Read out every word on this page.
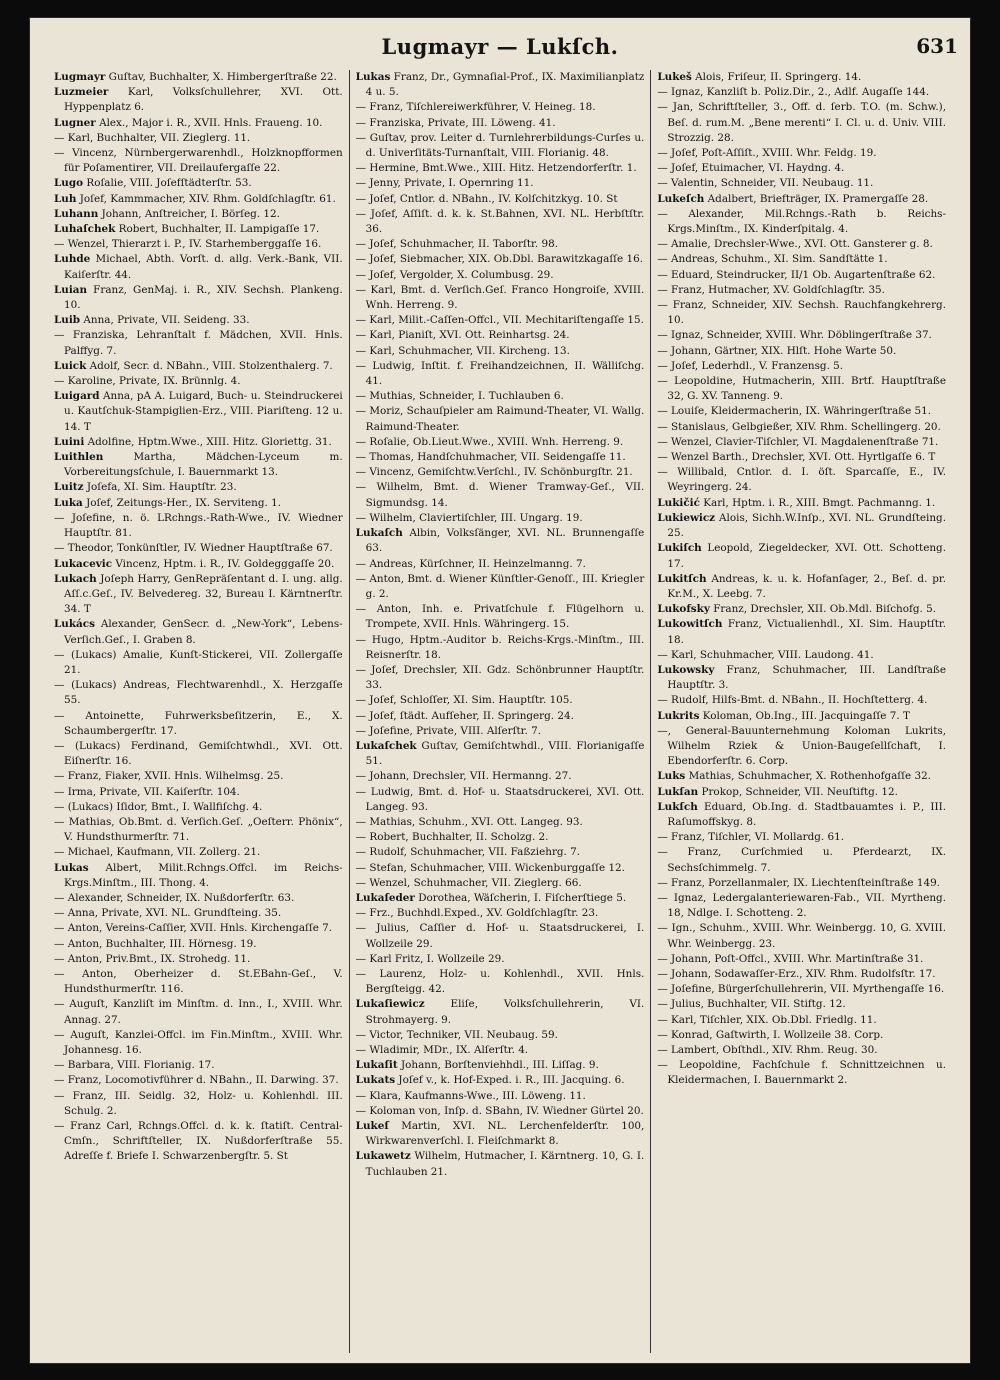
Lugmayr — Lukſch.	631
Lugmayr Guſtav, Buchhalter, X. Himbergerſtraße 22.
Luzmeier Karl, Volksſchullehrer, XVI. Ott. Hyppenplatz 6.
Lugner Alex., Major i. R., XVII. Hnls. Fraueng. 10.
— Karl, Buchhalter, VII. Zieglerg. 11.
— Vincenz, Nürnbergerwarenhdl., Holzknopfformen für Poſamentirer, VII. Dreilaufergaſſe 22.
Lugo Roſalie, VIII. Joſefſtädterſtr. 53.
Luh Joſef, Kammmacher, XIV. Rhm. Goldſchlagſtr. 61.
Luhann Johann, Anſtreicher, I. Börſeg. 12.
Luhaſchek Robert, Buchhalter, II. Lampigaſſe 17.
— Wenzel, Thierarzt i. P., IV. Starhemberggaſſe 16.
Luhde Michael, Abth. Vorſt. d. allg. Verk.-Bank, VII. Kaiſerſtr. 44.
Luian Franz, GenMaj. i. R., XIV. Sechsh. Plankeng. 10.
Luib Anna, Private, VII. Seideng. 33.
— Franziska, Lehranſtalt f. Mädchen, XVII. Hnls. Palffyg. 7.
Luick Adolf, Secr. d. NBahn., VIII. Stolzenthalerg. 7.
— Karoline, Private, IX. Brünnlg. 4.
Luigard Anna, pA A. Luigard, Buch- u. Steindruckerei u. Kautſchuk-Stampiglien-Erz., VIII. Piariſteng. 12 u. 14. T
Luini Adolfine, Hptm.Wwe., XIII. Hitz. Gloriettg. 31.
Luithlen Martha, Mädchen-Lyceum m. Vorbereitungsſchule, I. Bauernmarkt 13.
Luitz Joſefa, XI. Sim. Hauptſtr. 23.
Luka Joſef, Zeitungs-Her., IX. Serviteng. 1.
— Joſefine, n. ö. LRchngs.-Rath-Wwe., IV. Wiedner Hauptſtr. 81.
— Theodor, Tonkünſtler, IV. Wiedner Hauptſtraße 67.
Lukacevic Vincenz, Hptm. i. R., IV. Goldegggaſſe 20.
Lukach Joſeph Harry, GenRepräſentant d. I. ung. allg. Aſſ.c.Geſ., IV. Belvedereg. 32, Bureau I. Kärntnerſtr. 34. T
Lukács Alexander, GenSecr. d. „New-York“, Lebens-Verſich.Geſ., I. Graben 8.
— (Lukacs) Amalie, Kunſt-Stickerei, VII. Zollergaſſe 21.
— (Lukacs) Andreas, Flechtwarenhdl., X. Herzgaſſe 55.
— Antoinette, Fuhrwerksbeſitzerin, E., X. Schaumbergerſtr. 17.
— (Lukacs) Ferdinand, Gemiſchtwhdl., XVI. Ott. Eiſnerſtr. 16.
— Franz, Fiaker, XVII. Hnls. Wilhelmsg. 25.
— Irma, Private, VII. Kaiſerſtr. 104.
— (Lukacs) Iſidor, Bmt., I. Wallfiſchg. 4.
— Mathias, Ob.Bmt. d. Verſich.Geſ. „Oeſterr. Phönix“, V. Hundsthurmerſtr. 71.
— Michael, Kaufmann, VII. Zollerg. 21.
Lukas Albert, Milit.Rchngs.Offcl. im Reichs-Krgs.Minſtm., III. Thong. 4.
— Alexander, Schneider, IX. Nußdorferſtr. 63.
— Anna, Private, XVI. NL. Grundſteing. 35.
— Anton, Vereins-Caſſier, XVII. Hnls. Kirchengaſſe 7.
— Anton, Buchhalter, III. Hörnesg. 19.
— Anton, Priv.Bmt., IX. Strohedg. 11.
— Anton, Oberheizer d. St.EBahn-Geſ., V. Hundsthurmerſtr. 116.
— Auguſt, Kanzliſt im Minſtm. d. Inn., I., XVIII. Whr. Annag. 27.
— Auguſt, Kanzlei-Offcl. im Fin.Minſtm., XVIII. Whr. Johannesg. 16.
— Barbara, VIII. Florianig. 17.
— Franz, Locomotivführer d. NBahn., II. Darwing. 37.
— Franz, III. Seidlg. 32, Holz- u. Kohlenhdl. III. Schulg. 2.
— Franz Carl, Rchngs.Offcl. d. k. k. ſtatiſt. Central-Cmſn., Schriftſteller, IX. Nußdorferſtraße 55. Adreſſe f. Briefe I. Schwarzenbergſtr. 5. St
Lukas Franz, Dr., Gymnaſial-Prof., IX. Maximilianplatz 4 u. 5.
— Franz, Tiſchlereiwerkführer, V. Heineg. 18.
— Franziska, Private, III. Löweng. 41.
— Guſtav, prov. Leiter d. Turnlehrerbildungs-Curſes u. d. Univerſitäts-Turnanſtalt, VIII. Florianig. 48.
— Hermine, Bmt.Wwe., XIII. Hitz. Hetzendorferſtr. 1.
— Jenny, Private, I. Opernring 11.
— Joſef, Cntlor. d. NBahn., IV. Kolſchitzkyg. 10. St
— Joſef, Aſſiſt. d. k. k. St.Bahnen, XVI. NL. Herbſtſtr. 36.
— Joſef, Schuhmacher, II. Taborſtr. 98.
— Joſef, Siebmacher, XIX. Ob.Dbl. Barawitzkagaſſe 16.
— Joſef, Vergolder, X. Columbusg. 29.
— Karl, Bmt. d. Verſich.Geſ. Franco Hongroiſe, XVIII. Wnh. Herreng. 9.
— Karl, Milit.-Caſſen-Offcl., VII. Mechitariſtengaſſe 15.
— Karl, Pianiſt, XVI. Ott. Reinhartsg. 24.
— Karl, Schuhmacher, VII. Kircheng. 13.
— Ludwig, Inſtit. f. Freihandzeichnen, II. Wälliſchg. 41.
— Muthias, Schneider, I. Tuchlauben 6.
— Moriz, Schauſpieler am Raimund-Theater, VI. Wallg. Raimund-Theater.
— Roſalie, Ob.Lieut.Wwe., XVIII. Wnh. Herreng. 9.
— Thomas, Handſchuhmacher, VII. Seidengaſſe 11.
— Vincenz, Gemiſchtw.Verſchl., IV. Schönburgſtr. 21.
— Wilhelm, Bmt. d. Wiener Tramway-Geſ., VII. Sigmundsg. 14.
— Wilhelm, Claviertiſchler, III. Ungarg. 19.
Lukaſch Albin, Volksſänger, XVI. NL. Brunnengaſſe 63.
— Andreas, Kürſchner, II. Heinzelmanng. 7.
— Anton, Bmt. d. Wiener Künſtler-Genoſſ., III. Kriegler g. 2.
— Anton, Inh. e. Privatſchule f. Flügelhorn u. Trompete, XVII. Hnls. Währingerg. 15.
— Hugo, Hptm.-Auditor b. Reichs-Krgs.-Minſtm., III. Reisnerſtr. 18.
— Joſef, Drechsler, XII. Gdz. Schönbrunner Hauptſtr. 33.
— Joſef, Schloſſer, XI. Sim. Hauptſtr. 105.
— Joſef, ſtädt. Aufſeher, II. Springerg. 24.
— Joſefine, Private, VIII. Alſerſtr. 7.
Lukaſchek Guſtav, Gemiſchtwhdl., VIII. Florianigaſſe 51.
— Johann, Drechsler, VII. Hermanng. 27.
— Ludwig, Bmt. d. Hof- u. Staatsdruckerei, XVI. Ott. Langeg. 93.
— Mathias, Schuhm., XVI. Ott. Langeg. 93.
— Robert, Buchhalter, II. Scholzg. 2.
— Rudolf, Schuhmacher, VII. Faßziehrg. 7.
— Stefan, Schuhmacher, VIII. Wickenburggaſſe 12.
— Wenzel, Schuhmacher, VII. Zieglerg. 66.
Lukaſeder Dorothea, Wäſcherin, I. Fiſcherſtiege 5.
— Frz., Buchhdl.Exped., XV. Goldſchlagſtr. 23.
— Julius, Caſſier d. Hof- u. Staatsdruckerei, I. Wollzeile 29.
— Karl Fritz, I. Wollzeile 29.
— Laurenz, Holz- u. Kohlenhdl., XVII. Hnls. Bergſteigg. 42.
Lukaſiewicz Eliſe, Volksſchullehrerin, VI. Strohmayerg. 9.
— Victor, Techniker, VII. Neubaug. 59.
— Wladimir, MDr., IX. Alſerſtr. 4.
Lukaſit Johann, Borſtenviehhdl., III. Liſſag. 9.
Lukats Joſef v., k. Hof-Exped. i. R., III. Jacquing. 6.
— Klara, Kaufmanns-Wwe., III. Löweng. 11.
— Koloman von, Inſp. d. SBahn, IV. Wiedner Gürtel 20.
Lukeſ Martin, XVI. NL. Lerchenfelderſtr. 100, Wirkwarenverſchl. I. Fleiſchmarkt 8.
Lukawetz Wilhelm, Hutmacher, I. Kärntnerg. 10, G. I. Tuchlauben 21.
Lukeš Alois, Friſeur, II. Springerg. 14.
— Ignaz, Kanzliſt b. Poliz.Dir., 2., Adlf. Augaſſe 144.
— Jan, Schriftſteller, 3., Off. d. ſerb. T.O. (m. Schw.), Beſ. d. rum.M. „Bene merenti“ I. Cl. u. d. Univ. VIII. Strozzig. 28.
— Joſef, Poſt-Aſſiſt., XVIII. Whr. Feldg. 19.
— Joſef, Etuimacher, VI. Haydng. 4.
— Valentin, Schneider, VII. Neubaug. 11.
Lukeſch Adalbert, Briefträger, IX. Pramergaſſe 28.
— Alexander, Mil.Rchngs.-Rath b. Reichs-Krgs.Minſtm., IX. Kinderſpitalg. 4.
— Amalie, Drechsler-Wwe., XVI. Ott. Gansterer g. 8.
— Andreas, Schuhm., XI. Sim. Sandſtätte 1.
— Eduard, Steindrucker, II/1 Ob. Augartenſtraße 62.
— Franz, Hutmacher, XV. Goldſchlagſtr. 35.
— Franz, Schneider, XIV. Sechsh. Rauchfangkehrerg. 10.
— Ignaz, Schneider, XVIII. Whr. Döblingerſtraße 37.
— Johann, Gärtner, XIX. Hlſt. Hohe Warte 50.
— Joſef, Lederhdl., V. Franzensg. 5.
— Leopoldine, Hutmacherin, XIII. Brtf. Hauptſtraße 32, G. XV. Tanneng. 9.
— Louiſe, Kleidermacherin, IX. Währingerſtraße 51.
— Stanislaus, Gelbgießer, XIV. Rhm. Schellingerg. 20.
— Wenzel, Clavier-Tiſchler, VI. Magdalenenſtraße 71.
— Wenzel Barth., Drechsler, XVI. Ott. Hyrtlgaſſe 6. T
— Willibald, Cntlor. d. I. öſt. Sparcaſſe, E., IV. Weyringerg. 24.
Lukičić Karl, Hptm. i. R., XIII. Bmgt. Pachmanng. 1.
Lukiewicz Alois, Sichh.W.Inſp., XVI. NL. Grundſteing. 25.
Lukiſch Leopold, Ziegeldecker, XVI. Ott. Schotteng. 17.
Lukitſch Andreas, k. u. k. Hofanſager, 2., Beſ. d. pr. Kr.M., X. Leebg. 7.
Lukofsky Franz, Drechsler, XII. Ob.Mdl. Biſchofg. 5.
Lukowitſch Franz, Victualienhdl., XI. Sim. Hauptſtr. 18.
— Karl, Schuhmacher, VIII. Laudong. 41.
Lukowsky Franz, Schuhmacher, III. Landſtraße Hauptſtr. 3.
— Rudolf, Hilfs-Bmt. d. NBahn., II. Hochſtetterg. 4.
Lukrits Koloman, Ob.Ing., III. Jacquingaſſe 7. T
—, General-Bauunternehmung Koloman Lukrits, Wilhelm Rziek & Union-Baugeſellſchaft, I. Ebendorferſtr. 6. Corp.
Luks Mathias, Schuhmacher, X. Rothenhofgaſſe 32.
Lukſan Prokop, Schneider, VII. Neuſtiftg. 12.
Lukſch Eduard, Ob.Ing. d. Stadtbauamtes i. P., III. Raſumoffskyg. 8.
— Franz, Tiſchler, VI. Mollardg. 61.
— Franz, Curſchmied u. Pferdearzt, IX. Sechsſchimmelg. 7.
— Franz, Porzellanmaler, IX. Liechtenſteinſtraße 149.
— Ignaz, Ledergalanteriewaren-Fab., VII. Myrtheng. 18, Ndlge. I. Schotteng. 2.
— Ign., Schuhm., XVIII. Whr. Weinbergg. 10, G. XVIII. Whr. Weinbergg. 23.
— Johann, Poſt-Offcl., XVIII. Whr. Martinſtraße 31.
— Johann, Sodawaſſer-Erz., XIV. Rhm. Rudolfsſtr. 17.
— Joſefine, Bürgerſchullehrerin, VII. Myrthengaſſe 16.
— Julius, Buchhalter, VII. Stiftg. 12.
— Karl, Tiſchler, XIX. Ob.Dbl. Friedlg. 11.
— Konrad, Gaſtwirth, I. Wollzeile 38. Corp.
— Lambert, Obſthdl., XIV. Rhm. Reug. 30.
— Leopoldine, Fachſchule f. Schnittzeichnen u. Kleidermachen, I. Bauernmarkt 2.
